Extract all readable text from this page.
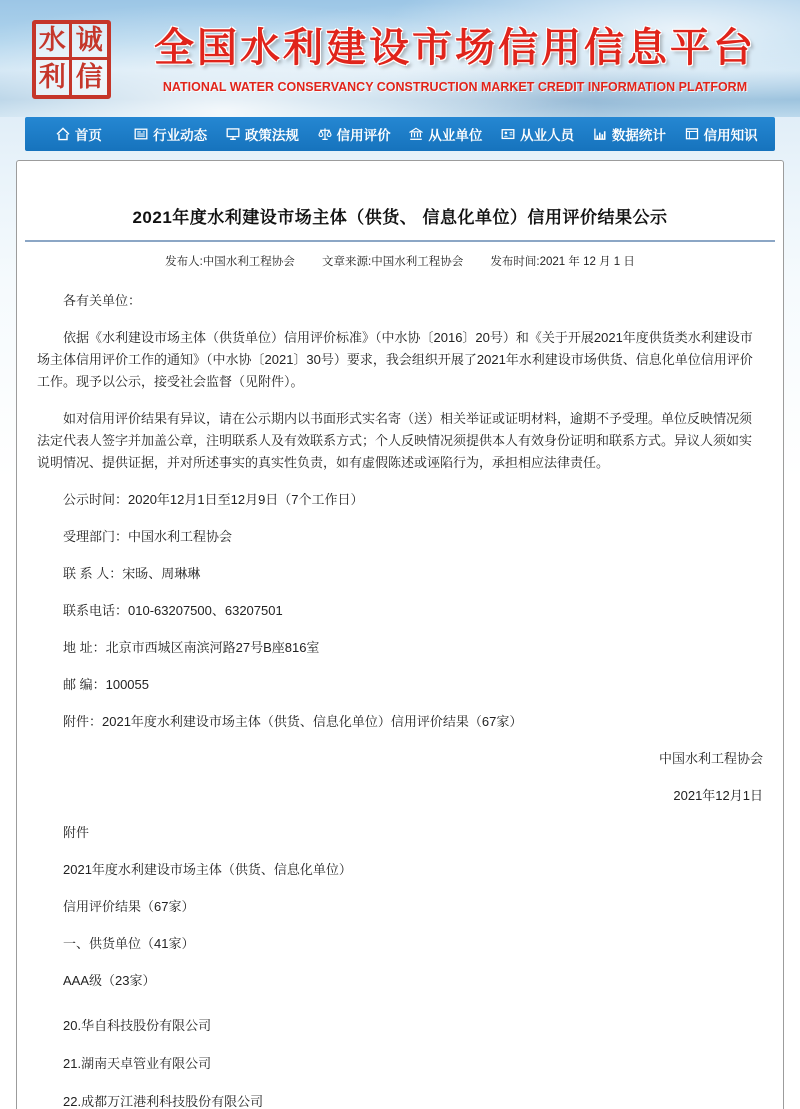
水 诚
利 信
全国水利建设市场信用信息平台
NATIONAL WATER CONSERVANCY CONSTRUCTION MARKET CREDIT INFORMATION PLATFORM
首页	行业动态	政策法规	信用评价	从业单位	从业人员	数据统计	信用知识
2021年度水利建设市场主体（供货、 信息化单位）信用评价结果公示
发布人:中国水利工程协会 文章来源:中国水利工程协会 发布时间:2021 年 12 月 1 日

各有关单位：

依据《水利建设市场主体（供货单位）信用评价标准》（中水协〔2016〕20号）和《关于开展2021年度供货类水利建设市场主体信用评价工作的通知》（中水协〔2021〕30号）要求，我会组织开展了2021年水利建设市场供货、信息化单位信用评价工作。现予以公示，接受社会监督（见附件）。

如对信用评价结果有异议，请在公示期内以书面形式实名寄（送）相关举证或证明材料，逾期不予受理。单位反映情况须法定代表人签字并加盖公章，注明联系人及有效联系方式；个人反映情况须提供本人有效身份证明和联系方式。异议人须如实说明情况、提供证据，并对所述事实的真实性负责，如有虚假陈述或诬陷行为，承担相应法律责任。

公示时间：2020年12月1日至12月9日（7个工作日）

受理部门：中国水利工程协会

联 系 人：宋旸、周琳琳

联系电话：010-63207500、63207501

地 址：北京市西城区南滨河路27号B座816室

邮 编：100055

附件：2021年度水利建设市场主体（供货、信息化单位）信用评价结果（67家）

中国水利工程协会

2021年12月1日

附件

2021年度水利建设市场主体（供货、信息化单位）

信用评价结果（67家）

一、供货单位（41家）

AAA级（23家）

20.华自科技股份有限公司

21.湖南天卓管业有限公司

22.成都万江港利科技股份有限公司
